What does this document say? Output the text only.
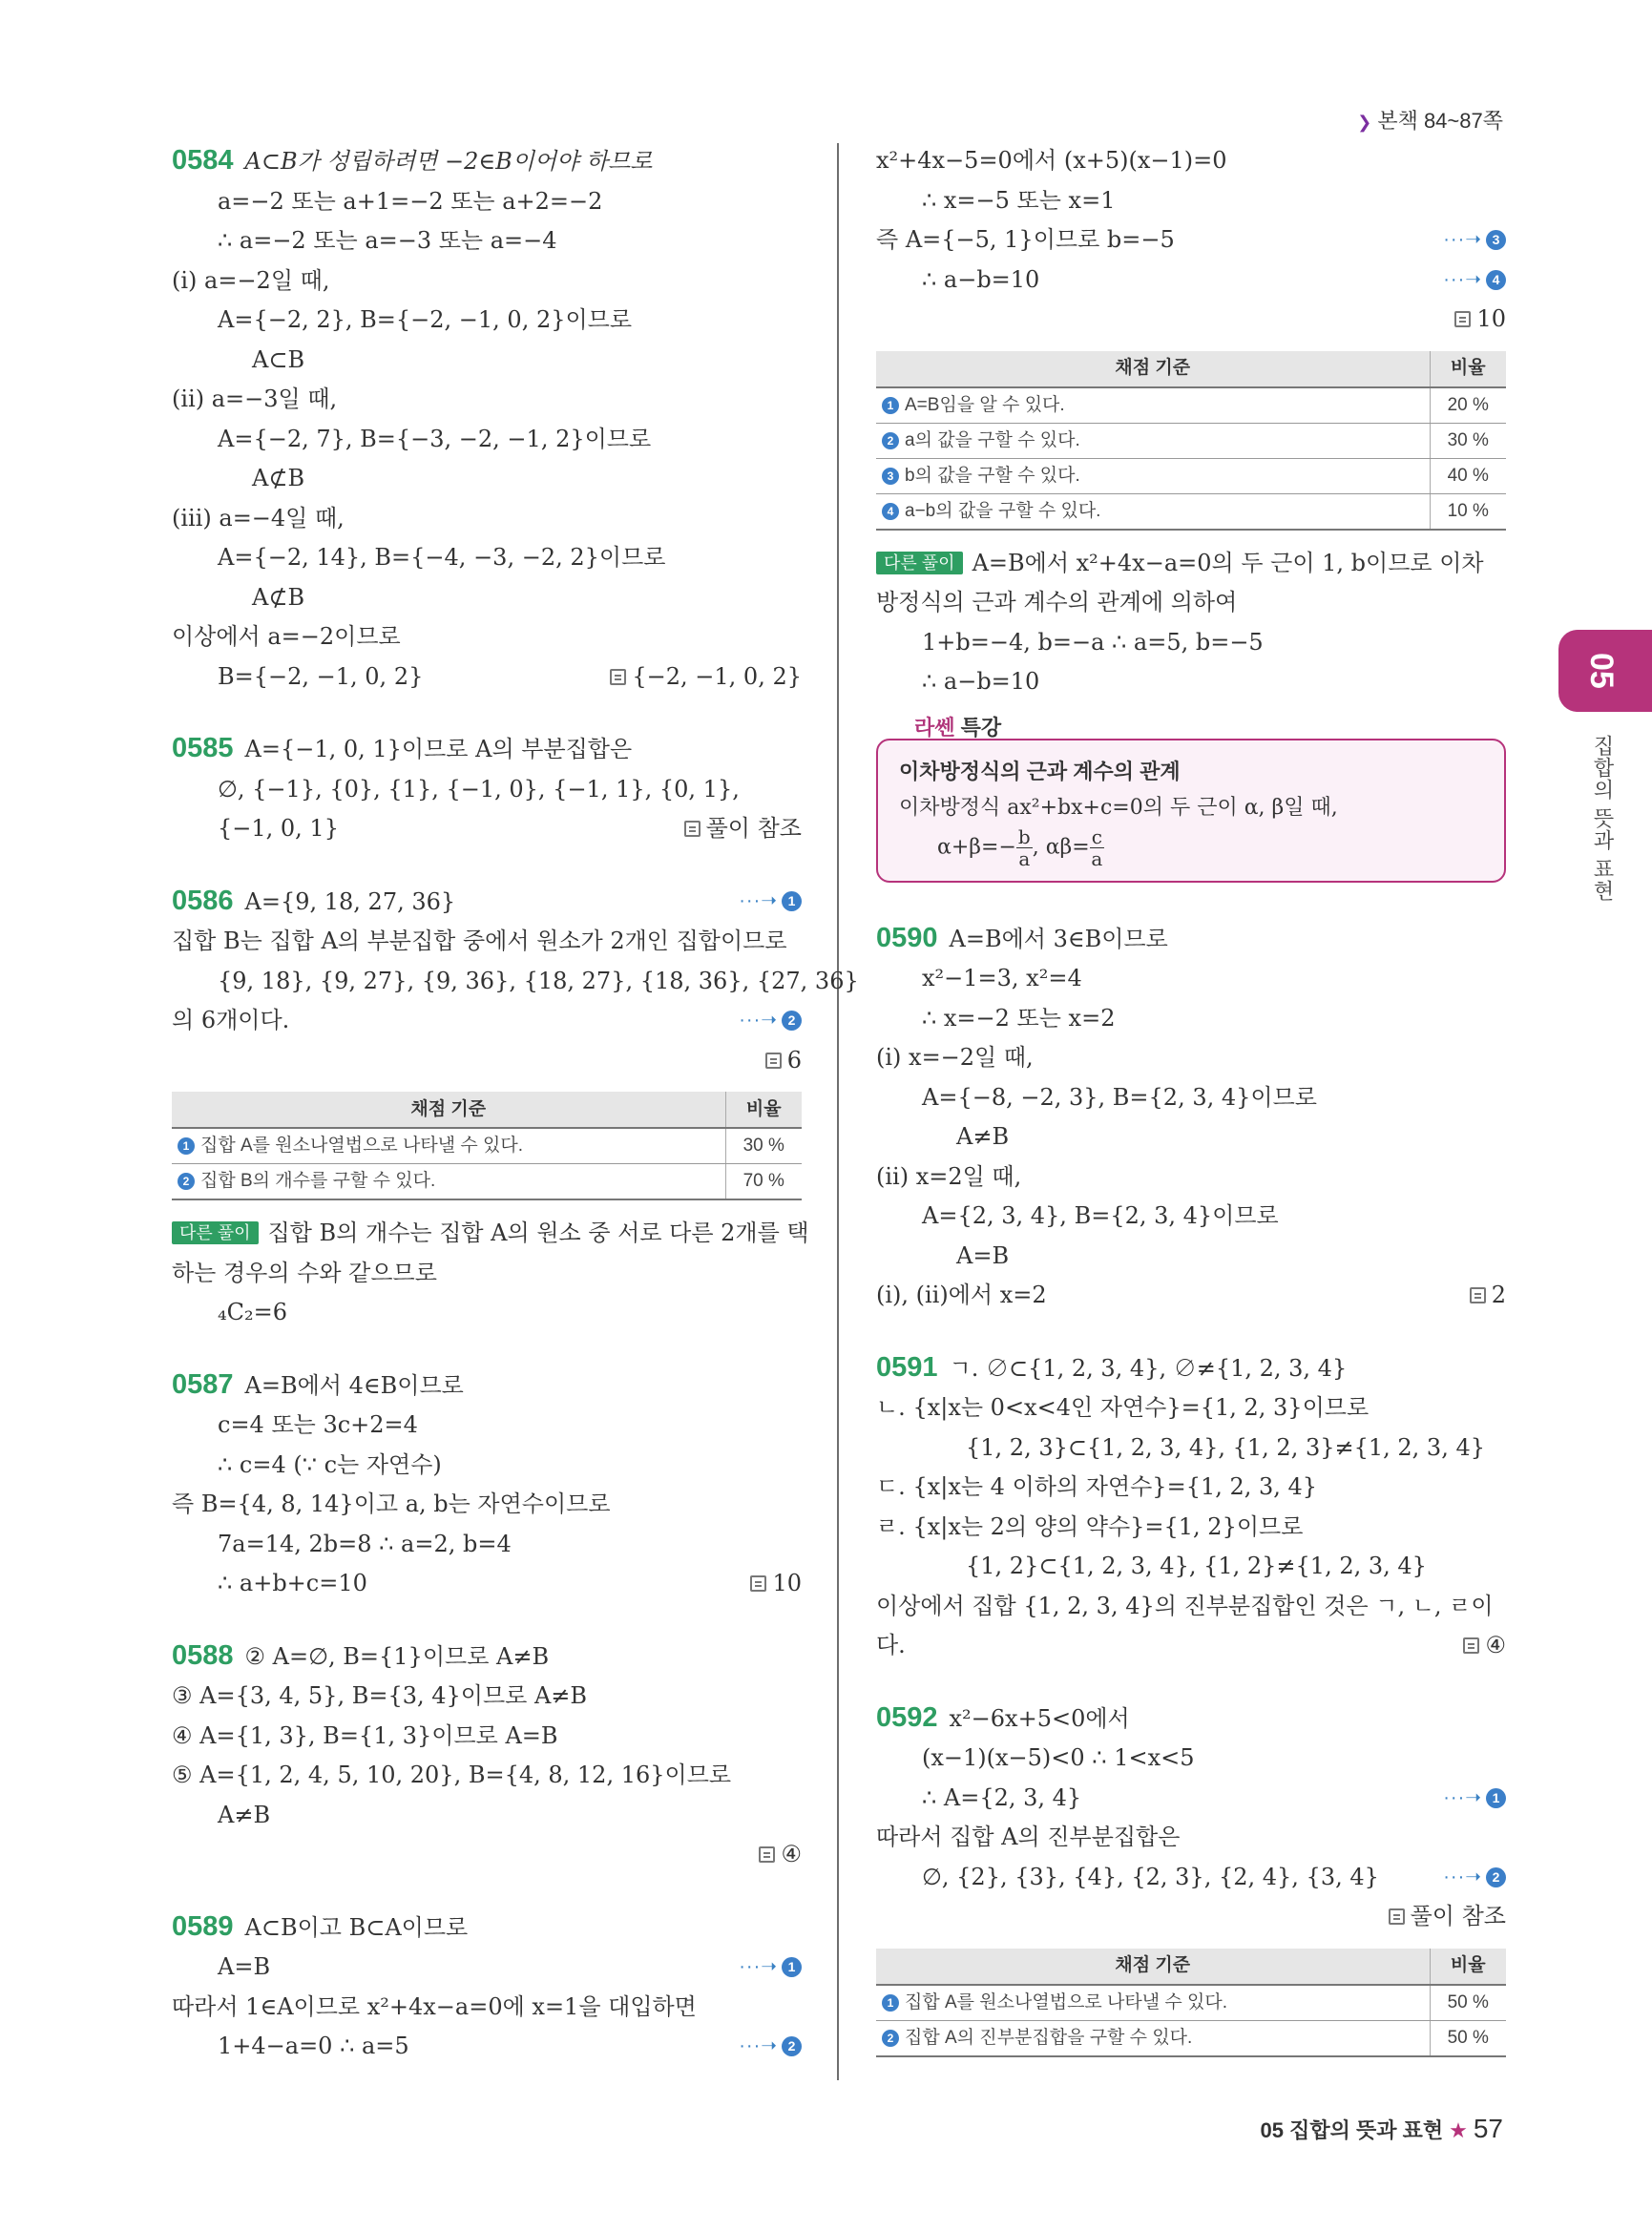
❯ 본책 84~87쪽
0584 A⊂B가 성립하려면 −2∈B이어야 하므로
a=−2 또는 a+1=−2 또는 a+2=−2
∴ a=−2 또는 a=−3 또는 a=−4
(ⅰ) a=−2일 때,
A={−2, 2}, B={−2, −1, 0, 2}이므로
A⊂B
(ⅱ) a=−3일 때,
A={−2, 7}, B={−3, −2, −1, 2}이므로
A⊄B
(ⅲ) a=−4일 때,
A={−2, 14}, B={−4, −3, −2, 2}이므로
A⊄B
이상에서 a=−2이므로
B={−2, −1, 0, 2}	{−2, −1, 0, 2}
0585 A={−1, 0, 1}이므로 A의 부분집합은
∅, {−1}, {0}, {1}, {−1, 0}, {−1, 1}, {0, 1},
{−1, 0, 1}	풀이 참조
0586 A={9, 18, 27, 36}	···➝ 1
집합 B는 집합 A의 부분집합 중에서 원소가 2개인 집합이므로
{9, 18}, {9, 27}, {9, 36}, {18, 27}, {18, 36}, {27, 36}
의 6개이다.	···➝ 2
6
채점 기준	비율
1 집합 A를 원소나열법으로 나타낼 수 있다.	30 %
2 집합 B의 개수를 구할 수 있다.	70 %
다른 풀이 집합 B의 개수는 집합 A의 원소 중 서로 다른 2개를 택
하는 경우의 수와 같으므로
₄C₂=6
0587 A=B에서 4∈B이므로
c=4 또는 3c+2=4
∴ c=4 (∵ c는 자연수)
즉 B={4, 8, 14}이고 a, b는 자연수이므로
7a=14, 2b=8 ∴ a=2, b=4
∴ a+b+c=10	10
0588 ② A=∅, B={1}이므로 A≠B
③ A={3, 4, 5}, B={3, 4}이므로 A≠B
④ A={1, 3}, B={1, 3}이므로 A=B
⑤ A={1, 2, 4, 5, 10, 20}, B={4, 8, 12, 16}이므로
A≠B
④
0589 A⊂B이고 B⊂A이므로
A=B	···➝ 1
따라서 1∈A이므로 x²+4x−a=0에 x=1을 대입하면
1+4−a=0 ∴ a=5	···➝ 2
x²+4x−5=0에서 (x+5)(x−1)=0
∴ x=−5 또는 x=1
즉 A={−5, 1}이므로 b=−5	···➝ 3
∴ a−b=10	···➝ 4
10
채점 기준	비율
1 A=B임을 알 수 있다.	20 %
2 a의 값을 구할 수 있다.	30 %
3 b의 값을 구할 수 있다.	40 %
4 a−b의 값을 구할 수 있다.	10 %
다른 풀이 A=B에서 x²+4x−a=0의 두 근이 1, b이므로 이차
방정식의 근과 계수의 관계에 의하여
1+b=−4, b=−a ∴ a=5, b=−5
∴ a−b=10
라쎈 특강
이차방정식의 근과 계수의 관계
이차방정식 ax²+bx+c=0의 두 근이 α, β일 때,
$\alpha+\beta=- \frac{b}{a}$ , $\alpha\beta= \frac{c}{a}$
0590 A=B에서 3∈B이므로
x²−1=3, x²=4
∴ x=−2 또는 x=2
(ⅰ) x=−2일 때,
A={−8, −2, 3}, B={2, 3, 4}이므로
A≠B
(ⅱ) x=2일 때,
A={2, 3, 4}, B={2, 3, 4}이므로
A=B
(ⅰ), (ⅱ)에서 x=2	2
0591 ㄱ. ∅⊂{1, 2, 3, 4}, ∅≠{1, 2, 3, 4}
ㄴ. {x|x는 0<x<4인 자연수}={1, 2, 3}이므로
{1, 2, 3}⊂{1, 2, 3, 4}, {1, 2, 3}≠{1, 2, 3, 4}
ㄷ. {x|x는 4 이하의 자연수}={1, 2, 3, 4}
ㄹ. {x|x는 2의 양의 약수}={1, 2}이므로
{1, 2}⊂{1, 2, 3, 4}, {1, 2}≠{1, 2, 3, 4}
이상에서 집합 {1, 2, 3, 4}의 진부분집합인 것은 ㄱ, ㄴ, ㄹ이
다.	④
0592 x²−6x+5<0에서
(x−1)(x−5)<0 ∴ 1<x<5
∴ A={2, 3, 4}	···➝ 1
따라서 집합 A의 진부분집합은
∅, {2}, {3}, {4}, {2, 3}, {2, 4}, {3, 4}	···➝ 2
풀이 참조
채점 기준	비율
1 집합 A를 원소나열법으로 나타낼 수 있다.	50 %
2 집합 A의 진부분집합을 구할 수 있다.	50 %
05
집합의 뜻과 표현
05 집합의 뜻과 표현 ★ 57
